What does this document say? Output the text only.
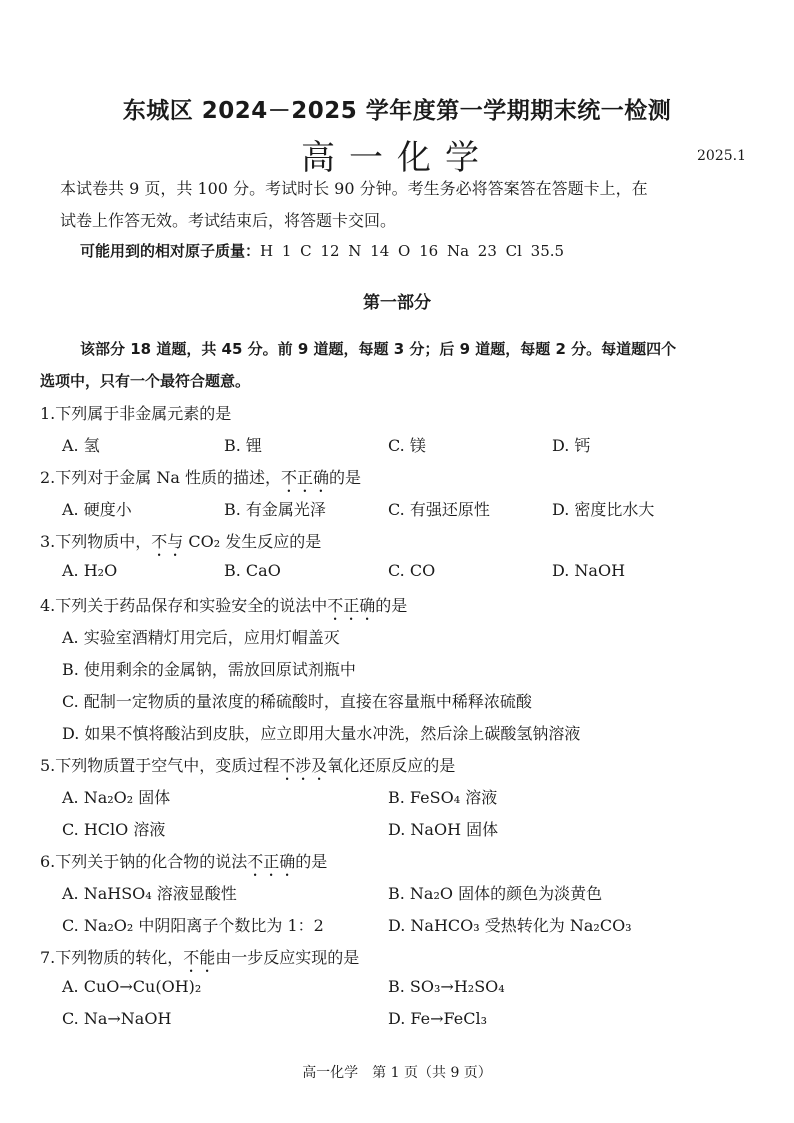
东城区 2024－2025 学年度第一学期期末统一检测
高一化学	2025.1
本试卷共 9 页，共 100 分。考试时长 90 分钟。考生务必将答案答在答题卡上，在
试卷上作答无效。考试结束后，将答题卡交回。
可能用到的相对原子质量：H 1 C 12 N 14 O 16 Na 23 Cl 35.5
第一部分
该部分 18 道题，共 45 分。前 9 道题，每题 3 分；后 9 道题，每题 2 分。每道题四个
选项中，只有一个最符合题意。
1.下列属于非金属元素的是
A. 氢	B. 锂	C. 镁	D. 钙
2.下列对于金属 Na 性质的描述，不正确的是
A. 硬度小	B. 有金属光泽	C. 有强还原性	D. 密度比水大
3.下列物质中，不与 CO₂ 发生反应的是
A. H₂O	B. CaO	C. CO	D. NaOH
4.下列关于药品保存和实验安全的说法中不正确的是
A. 实验室酒精灯用完后，应用灯帽盖灭
B. 使用剩余的金属钠，需放回原试剂瓶中
C. 配制一定物质的量浓度的稀硫酸时，直接在容量瓶中稀释浓硫酸
D. 如果不慎将酸沾到皮肤，应立即用大量水冲洗，然后涂上碳酸氢钠溶液
5.下列物质置于空气中，变质过程不涉及氧化还原反应的是
A. Na₂O₂ 固体	B. FeSO₄ 溶液
C. HClO 溶液	D. NaOH 固体
6.下列关于钠的化合物的说法不正确的是
A. NaHSO₄ 溶液显酸性	B. Na₂O 固体的颜色为淡黄色
C. Na₂O₂ 中阴阳离子个数比为 1：2	D. NaHCO₃ 受热转化为 Na₂CO₃
7.下列物质的转化，不能由一步反应实现的是
A. CuO→Cu(OH)₂	B. SO₃→H₂SO₄
C. Na→NaOH	D. Fe→FeCl₃
高一化学　第 1 页（共 9 页）
